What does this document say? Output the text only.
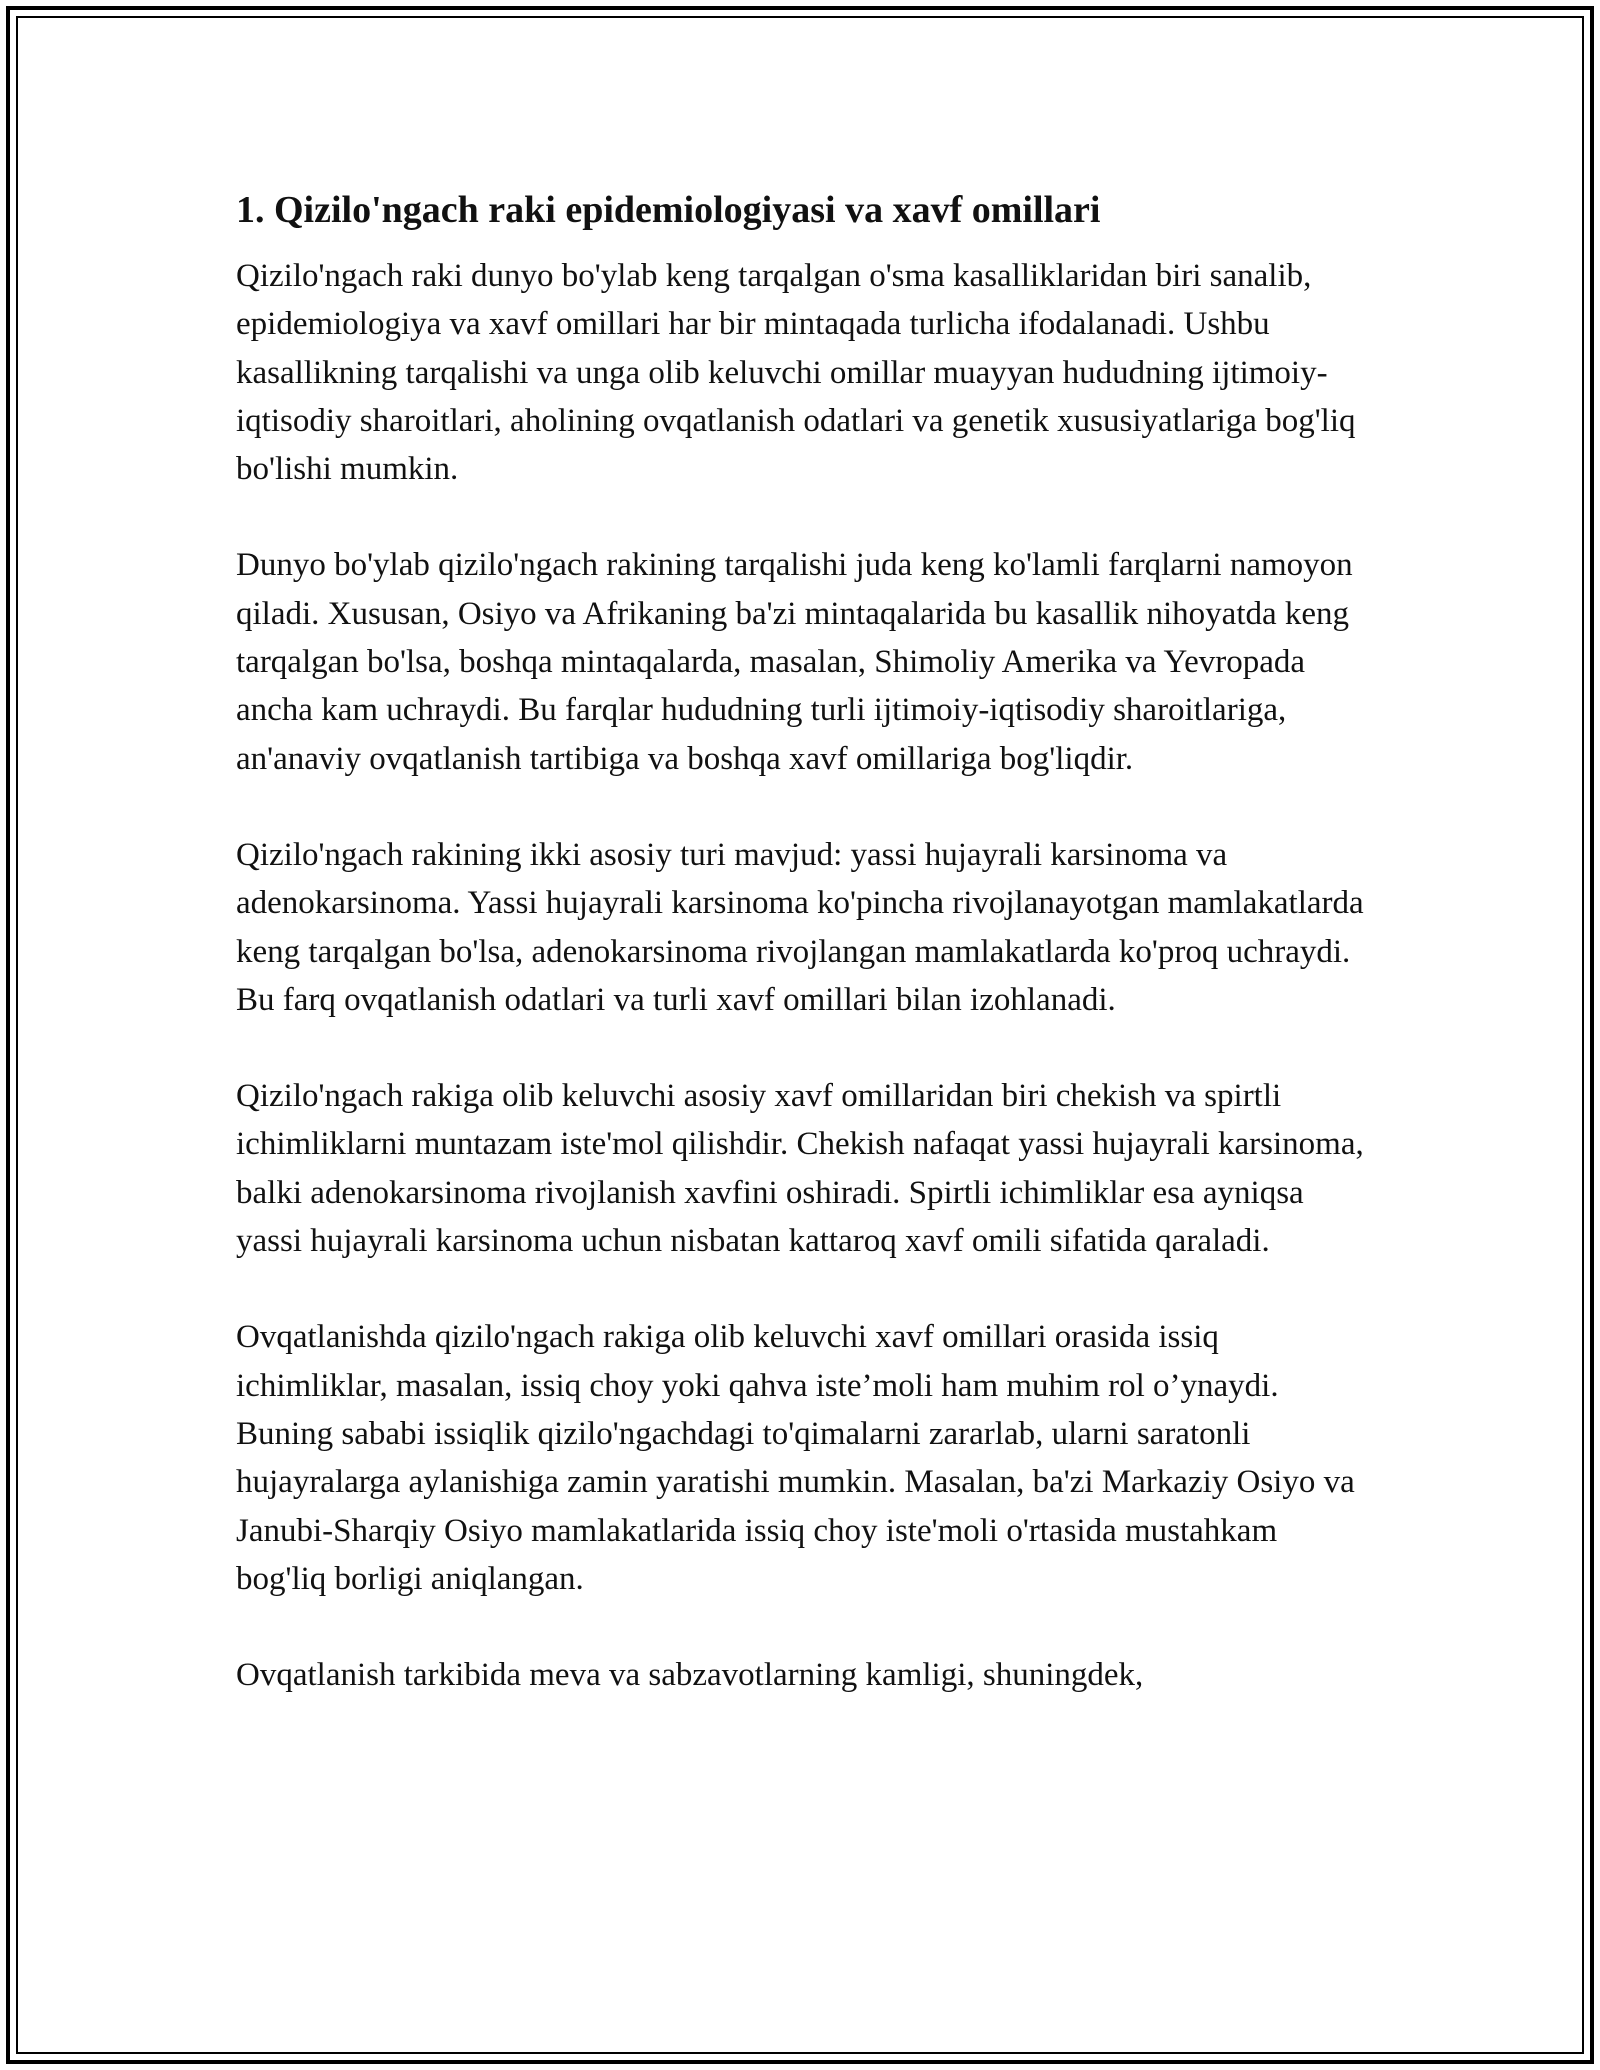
1. Qizilo'ngach raki epidemiologiyasi va xavf omillari

Qizilo'ngach raki dunyo bo'ylab keng tarqalgan o'sma kasalliklaridan biri sanalib, epidemiologiya va xavf omillari har bir mintaqada turlicha ifodalanadi. Ushbu kasallikning tarqalishi va unga olib keluvchi omillar muayyan hududning ijtimoiy-iqtisodiy sharoitlari, aholining ovqatlanish odatlari va genetik xususiyatlariga bog'liq bo'lishi mumkin.

Dunyo bo'ylab qizilo'ngach rakining tarqalishi juda keng ko'lamli farqlarni namoyon qiladi. Xususan, Osiyo va Afrikaning ba'zi mintaqalarida bu kasallik nihoyatda keng tarqalgan bo'lsa, boshqa mintaqalarda, masalan, Shimoliy Amerika va Yevropada ancha kam uchraydi. Bu farqlar hududning turli ijtimoiy-iqtisodiy sharoitlariga, an'anaviy ovqatlanish tartibiga va boshqa xavf omillariga bog'liqdir.

Qizilo'ngach rakining ikki asosiy turi mavjud: yassi hujayrali karsinoma va adenokarsinoma. Yassi hujayrali karsinoma ko'pincha rivojlanayotgan mamlakatlarda keng tarqalgan bo'lsa, adenokarsinoma rivojlangan mamlakatlarda ko'proq uchraydi. Bu farq ovqatlanish odatlari va turli xavf omillari bilan izohlanadi.

Qizilo'ngach rakiga olib keluvchi asosiy xavf omillaridan biri chekish va spirtli ichimliklarni muntazam iste'mol qilishdir. Chekish nafaqat yassi hujayrali karsinoma, balki adenokarsinoma rivojlanish xavfini oshiradi. Spirtli ichimliklar esa ayniqsa yassi hujayrali karsinoma uchun nisbatan kattaroq xavf omili sifatida qaraladi.

Ovqatlanishda qizilo'ngach rakiga olib keluvchi xavf omillari orasida issiq ichimliklar, masalan, issiq choy yoki qahva iste’moli ham muhim rol o’ynaydi. Buning sababi issiqlik qizilo'ngachdagi to'qimalarni zararlab, ularni saratonli hujayralarga aylanishiga zamin yaratishi mumkin. Masalan, ba'zi Markaziy Osiyo va Janubi-Sharqiy Osiyo mamlakatlarida issiq choy iste'moli o'rtasida mustahkam bog'liq borligi aniqlangan.

Ovqatlanish tarkibida meva va sabzavotlarning kamligi, shuningdek,
